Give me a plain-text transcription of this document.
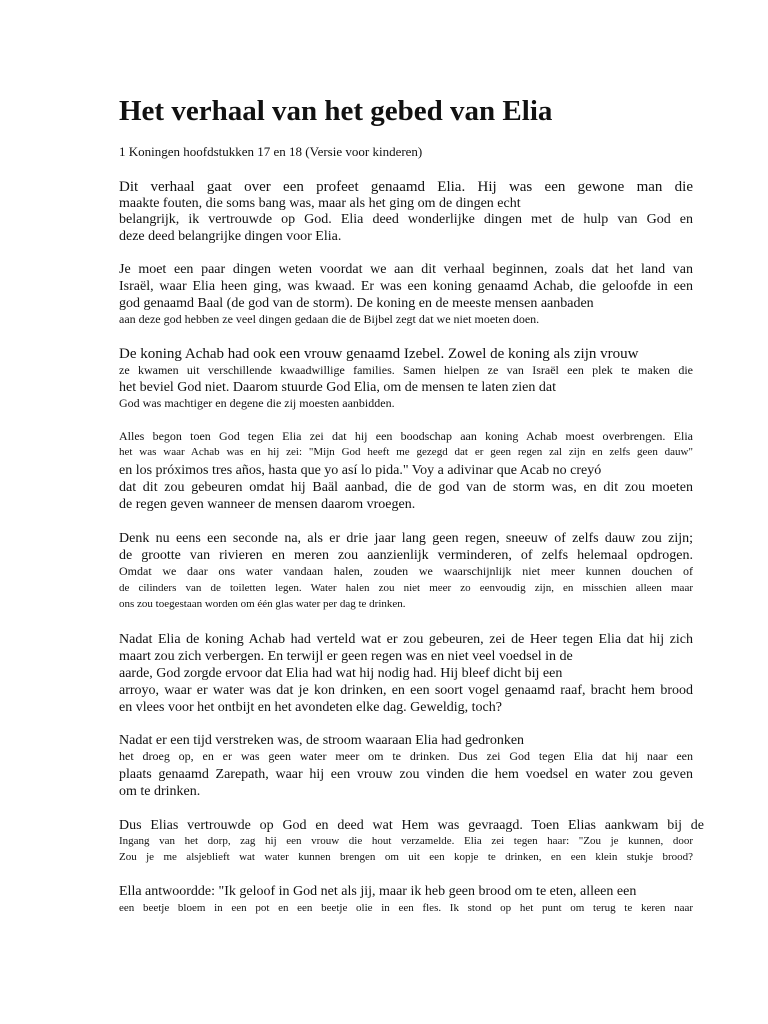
Het verhaal van het gebed van Elia
1 Koningen hoofdstukken 17 en 18 (Versie voor kinderen)
Dit verhaal gaat over een profeet genaamd Elia. Hij was een gewone man die
maakte fouten, die soms bang was, maar als het ging om de dingen echt
belangrijk, ik vertrouwde op God. Elia deed wonderlijke dingen met de hulp van God en
deze deed belangrijke dingen voor Elia.
Je moet een paar dingen weten voordat we aan dit verhaal beginnen, zoals dat het land van
Israël, waar Elia heen ging, was kwaad. Er was een koning genaamd Achab, die geloofde in een
god genaamd Baal (de god van de storm). De koning en de meeste mensen aanbaden
aan deze god hebben ze veel dingen gedaan die de Bijbel zegt dat we niet moeten doen.
De koning Achab had ook een vrouw genaamd Izebel. Zowel de koning als zijn vrouw
ze kwamen uit verschillende kwaadwillige families. Samen hielpen ze van Israël een plek te maken die
het beviel God niet. Daarom stuurde God Elia, om de mensen te laten zien dat
God was machtiger en degene die zij moesten aanbidden.
Alles begon toen God tegen Elia zei dat hij een boodschap aan koning Achab moest overbrengen. Elia
het was waar Achab was en hij zei: "Mijn God heeft me gezegd dat er geen regen zal zijn en zelfs geen dauw"
en los próximos tres años, hasta que yo así lo pida." Voy a adivinar que Acab no creyó
dat dit zou gebeuren omdat hij Baäl aanbad, die de god van de storm was, en dit zou moeten
de regen geven wanneer de mensen daarom vroegen.
Denk nu eens een seconde na, als er drie jaar lang geen regen, sneeuw of zelfs dauw zou zijn;
de grootte van rivieren en meren zou aanzienlijk verminderen, of zelfs helemaal opdrogen.
Omdat we daar ons water vandaan halen, zouden we waarschijnlijk niet meer kunnen douchen of
de cilinders van de toiletten legen. Water halen zou niet meer zo eenvoudig zijn, en misschien alleen maar
ons zou toegestaan worden om één glas water per dag te drinken.
Nadat Elia de koning Achab had verteld wat er zou gebeuren, zei de Heer tegen Elia dat hij zich
maart zou zich verbergen. En terwijl er geen regen was en niet veel voedsel in de
aarde, God zorgde ervoor dat Elia had wat hij nodig had. Hij bleef dicht bij een
arroyo, waar er water was dat je kon drinken, en een soort vogel genaamd raaf, bracht hem brood
en vlees voor het ontbijt en het avondeten elke dag. Geweldig, toch?
Nadat er een tijd verstreken was, de stroom waaraan Elia had gedronken
het droeg op, en er was geen water meer om te drinken. Dus zei God tegen Elia dat hij naar een
plaats genaamd Zarepath, waar hij een vrouw zou vinden die hem voedsel en water zou geven
om te drinken.
Dus Elias vertrouwde op God en deed wat Hem was gevraagd. Toen Elias aankwam bij de
Ingang van het dorp, zag hij een vrouw die hout verzamelde. Elia zei tegen haar: "Zou je kunnen, door
Zou je me alsjeblieft wat water kunnen brengen om uit een kopje te drinken, en een klein stukje brood?
Ella antwoordde: "Ik geloof in God net als jij, maar ik heb geen brood om te eten, alleen een
een beetje bloem in een pot en een beetje olie in een fles. Ik stond op het punt om terug te keren naar
